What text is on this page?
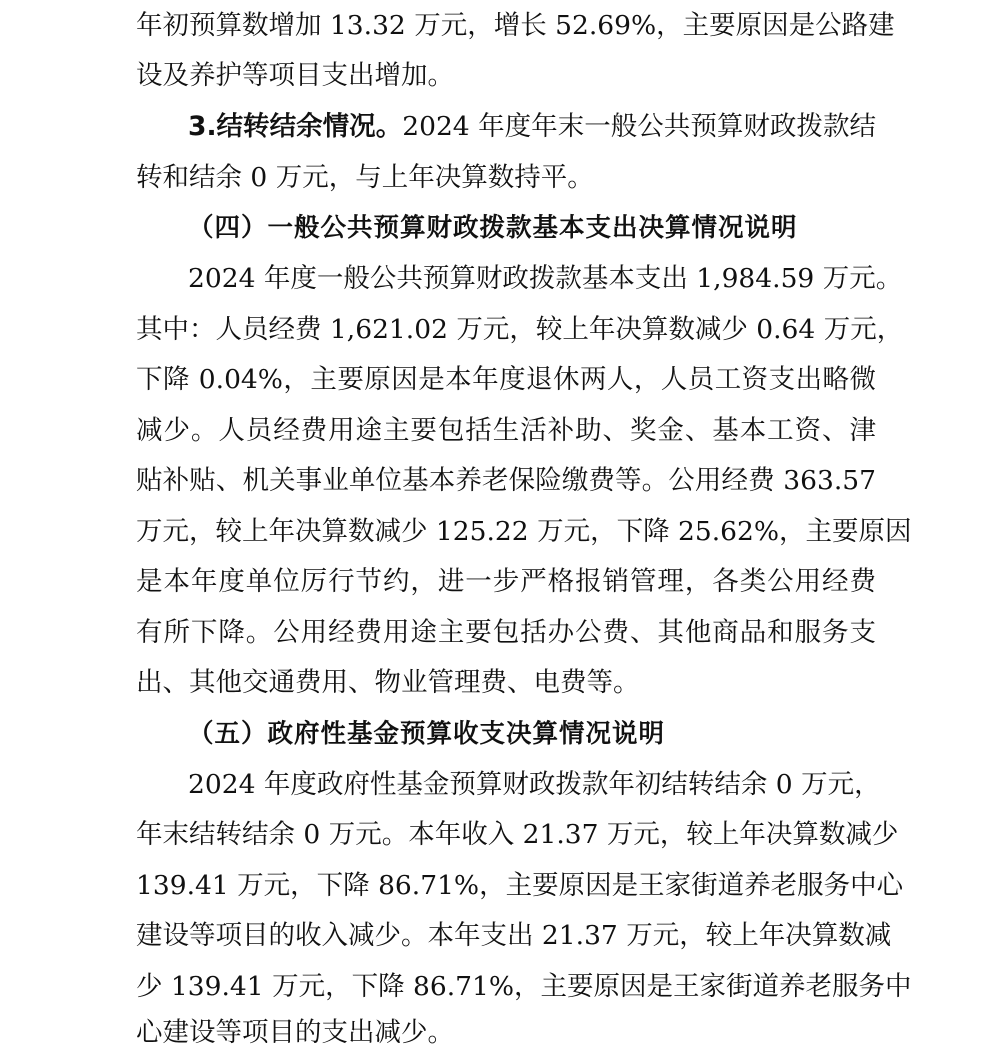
年初预算数增加 13.32 万元，增长 52.69%，主要原因是公路建
设及养护等项目支出增加。
3.结转结余情况。2024 年度年末一般公共预算财政拨款结
转和结余 0 万元，与上年决算数持平。
（四）一般公共预算财政拨款基本支出决算情况说明
2024 年度一般公共预算财政拨款基本支出 1,984.59 万元。
其中：人员经费 1,621.02 万元，较上年决算数减少 0.64 万元，
下降 0.04%，主要原因是本年度退休两人，人员工资支出略微
减少。人员经费用途主要包括生活补助、奖金、基本工资、津
贴补贴、机关事业单位基本养老保险缴费等。公用经费 363.57
万元，较上年决算数减少 125.22 万元，下降 25.62%，主要原因
是本年度单位厉行节约，进一步严格报销管理，各类公用经费
有所下降。公用经费用途主要包括办公费、其他商品和服务支
出、其他交通费用、物业管理费、电费等。
（五）政府性基金预算收支决算情况说明
2024 年度政府性基金预算财政拨款年初结转结余 0 万元，
年末结转结余 0 万元。本年收入 21.37 万元，较上年决算数减少
139.41 万元，下降 86.71%，主要原因是王家街道养老服务中心
建设等项目的收入减少。本年支出 21.37 万元，较上年决算数减
少 139.41 万元，下降 86.71%，主要原因是王家街道养老服务中
心建设等项目的支出减少。
